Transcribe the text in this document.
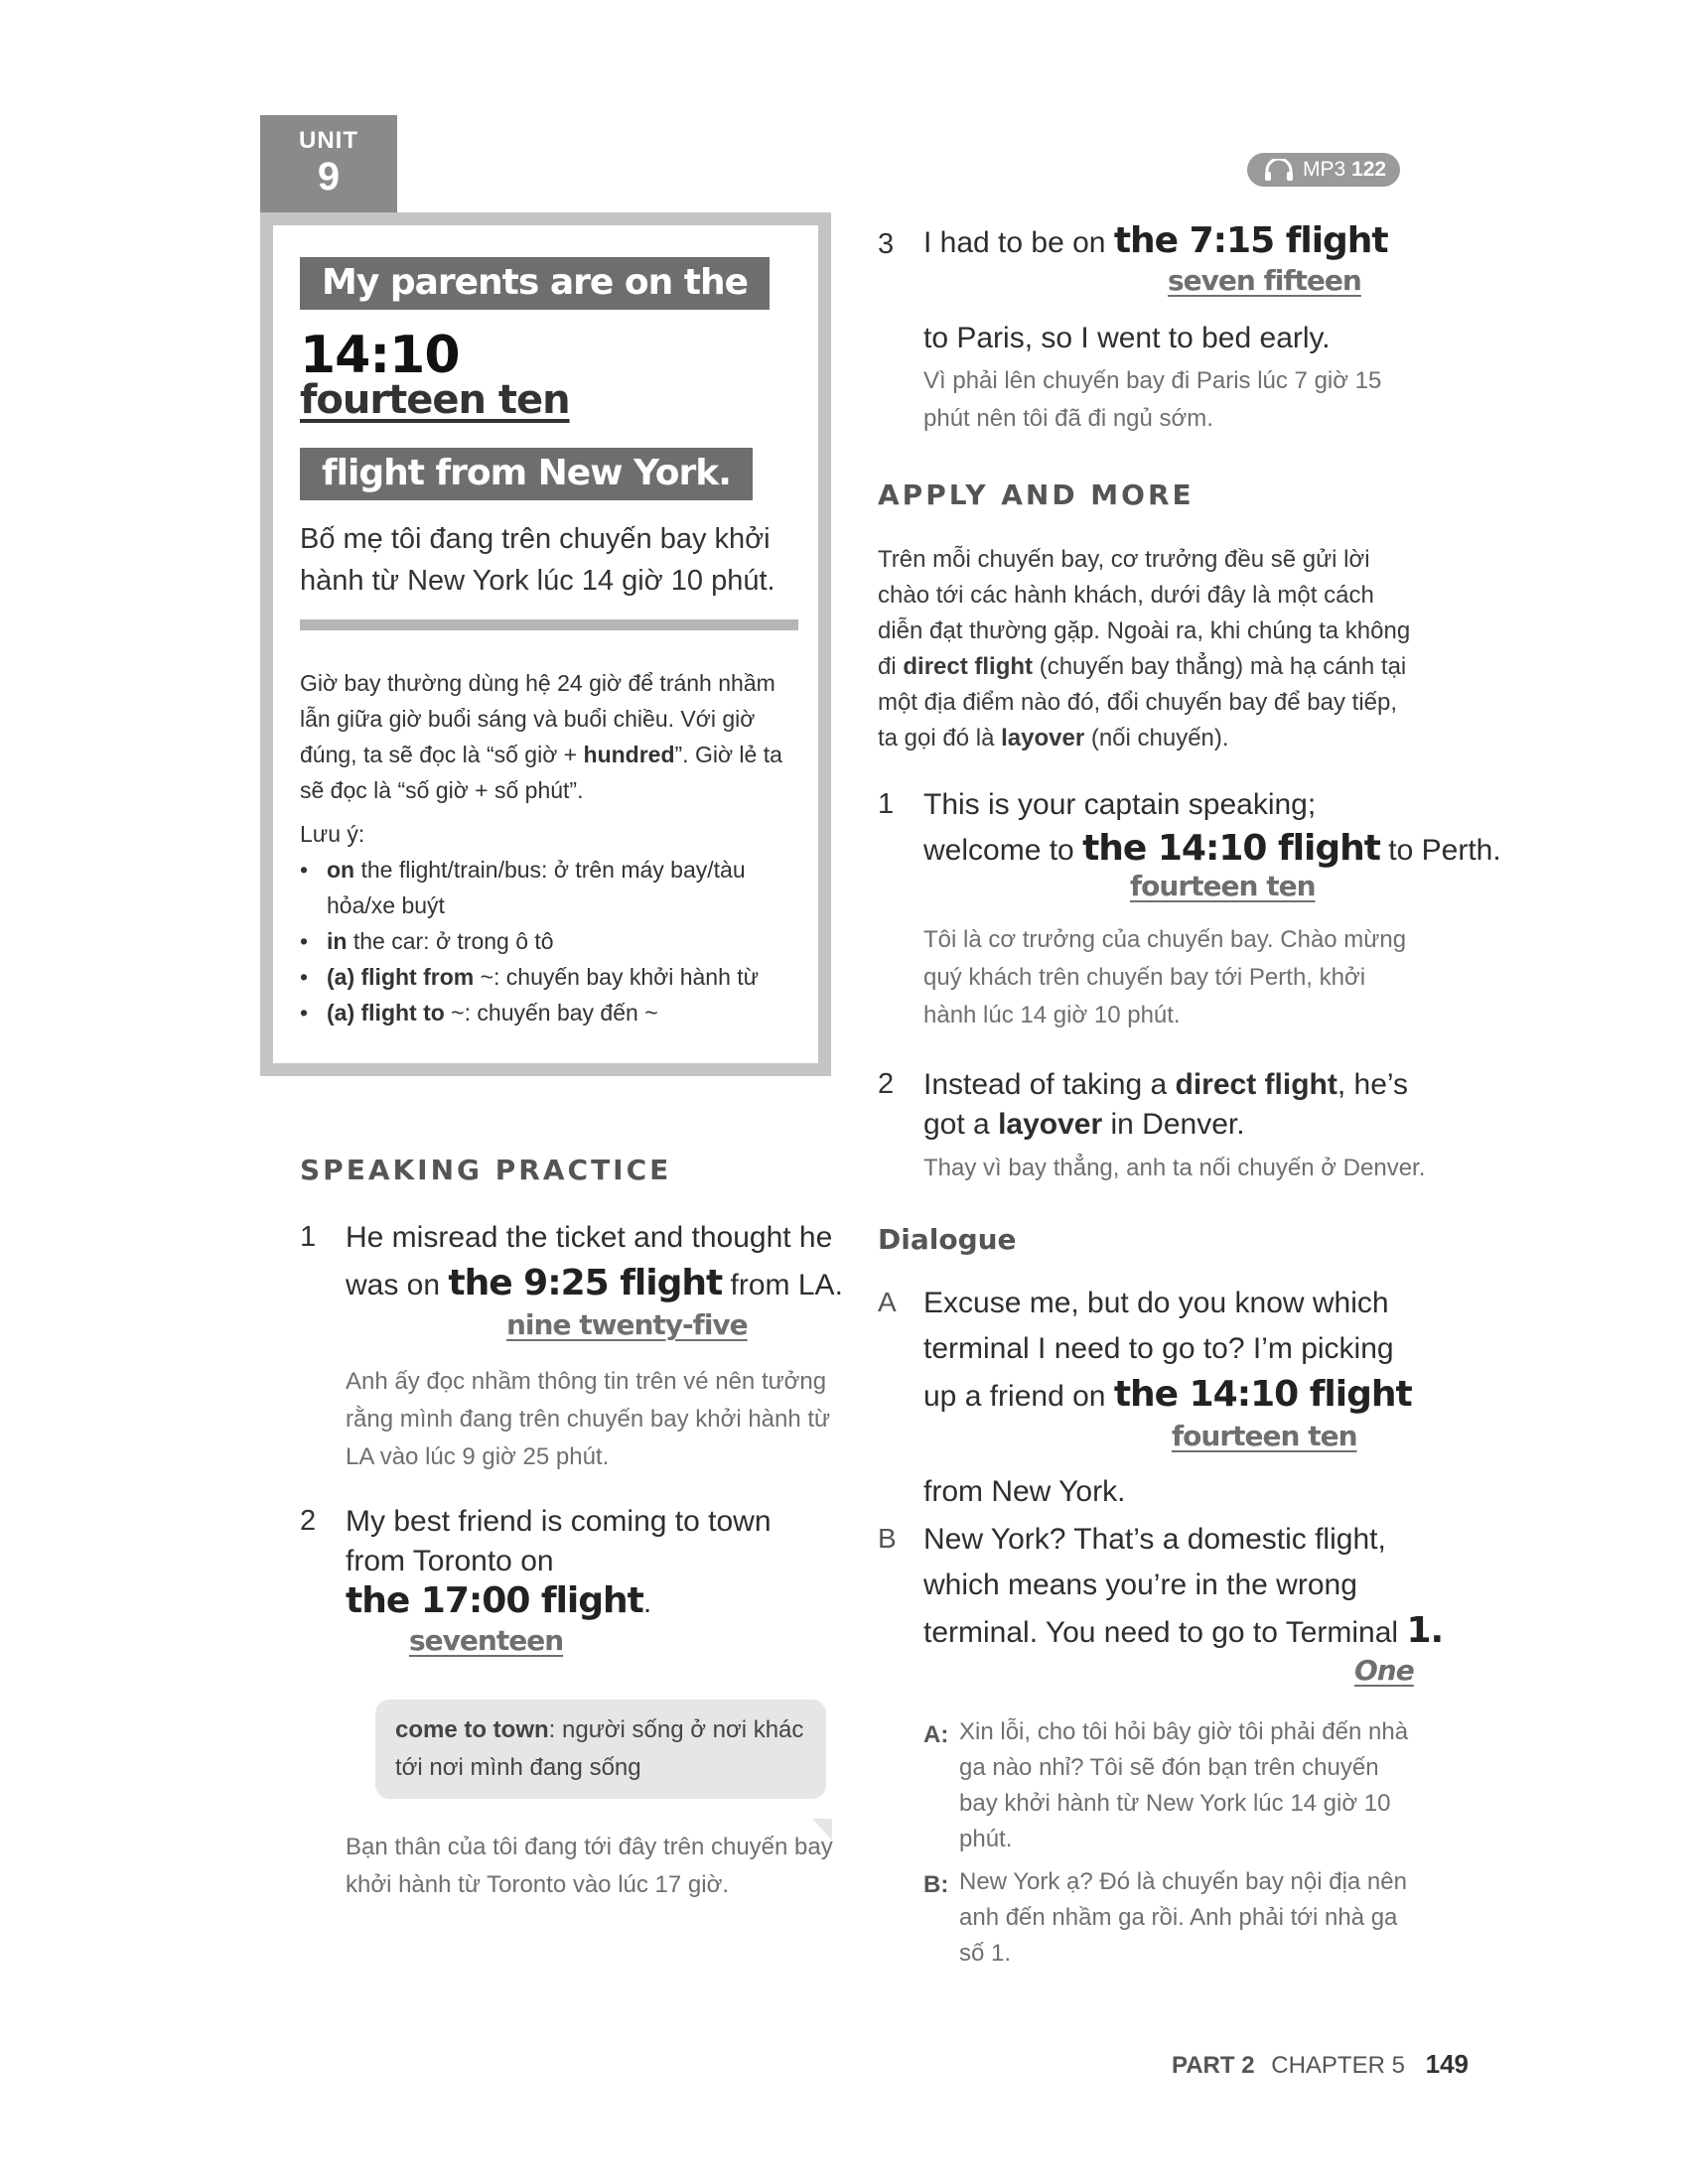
UNIT
9
My parents are on the
14:10
fourteen ten
flight from New York.
Bố mẹ tôi đang trên chuyến bay khởi hành từ New York lúc 14 giờ 10 phút.
Giờ bay thường dùng hệ 24 giờ để tránh nhầm lẫn giữa giờ buổi sáng và buổi chiều. Với giờ đúng, ta sẽ đọc là “số giờ + hundred”. Giờ lẻ ta sẽ đọc là “số giờ + số phút”.
Lưu ý:
• on the flight/train/bus: ở trên máy bay/tàu hỏa/xe buýt
• in the car: ở trong ô tô
• (a) flight from ~: chuyến bay khởi hành từ
• (a) flight to ~: chuyến bay đến ~
SPEAKING PRACTICE
1 He misread the ticket and thought he
was on the 9:25 flight from LA.
nine twenty-five
Anh ấy đọc nhầm thông tin trên vé nên tưởng rằng mình đang trên chuyến bay khởi hành từ LA vào lúc 9 giờ 25 phút.
2 My best friend is coming to town
from Toronto on
the 17:00 flight.
seventeen
come to town: người sống ở nơi khác tới nơi mình đang sống
Bạn thân của tôi đang tới đây trên chuyến bay khởi hành từ Toronto vào lúc 17 giờ.
MP3 122
3 I had to be on the 7:15 flight
seven fifteen
to Paris, so I went to bed early.
Vì phải lên chuyến bay đi Paris lúc 7 giờ 15 phút nên tôi đã đi ngủ sớm.
APPLY AND MORE
Trên mỗi chuyến bay, cơ trưởng đều sẽ gửi lời chào tới các hành khách, dưới đây là một cách diễn đạt thường gặp. Ngoài ra, khi chúng ta không đi direct flight (chuyến bay thẳng) mà hạ cánh tại một địa điểm nào đó, đổi chuyến bay để bay tiếp, ta gọi đó là layover (nối chuyến).
1 This is your captain speaking;
welcome to the 14:10 flight to Perth.
fourteen ten
Tôi là cơ trưởng của chuyến bay. Chào mừng quý khách trên chuyến bay tới Perth, khởi hành lúc 14 giờ 10 phút.
2 Instead of taking a direct flight, he’s
got a layover in Denver.
Thay vì bay thẳng, anh ta nối chuyến ở Denver.
Dialogue
A Excuse me, but do you know which
terminal I need to go to? I’m picking
up a friend on the 14:10 flight
fourteen ten
from New York.
B New York? That’s a domestic flight,
which means you’re in the wrong
terminal. You need to go to Terminal 1.
One
A: Xin lỗi, cho tôi hỏi bây giờ tôi phải đến nhà ga nào nhỉ? Tôi sẽ đón bạn trên chuyến bay khởi hành từ New York lúc 14 giờ 10 phút.
B: New York ạ? Đó là chuyến bay nội địa nên anh đến nhầm ga rồi. Anh phải tới nhà ga số 1.
PART 2 CHAPTER 5 149
